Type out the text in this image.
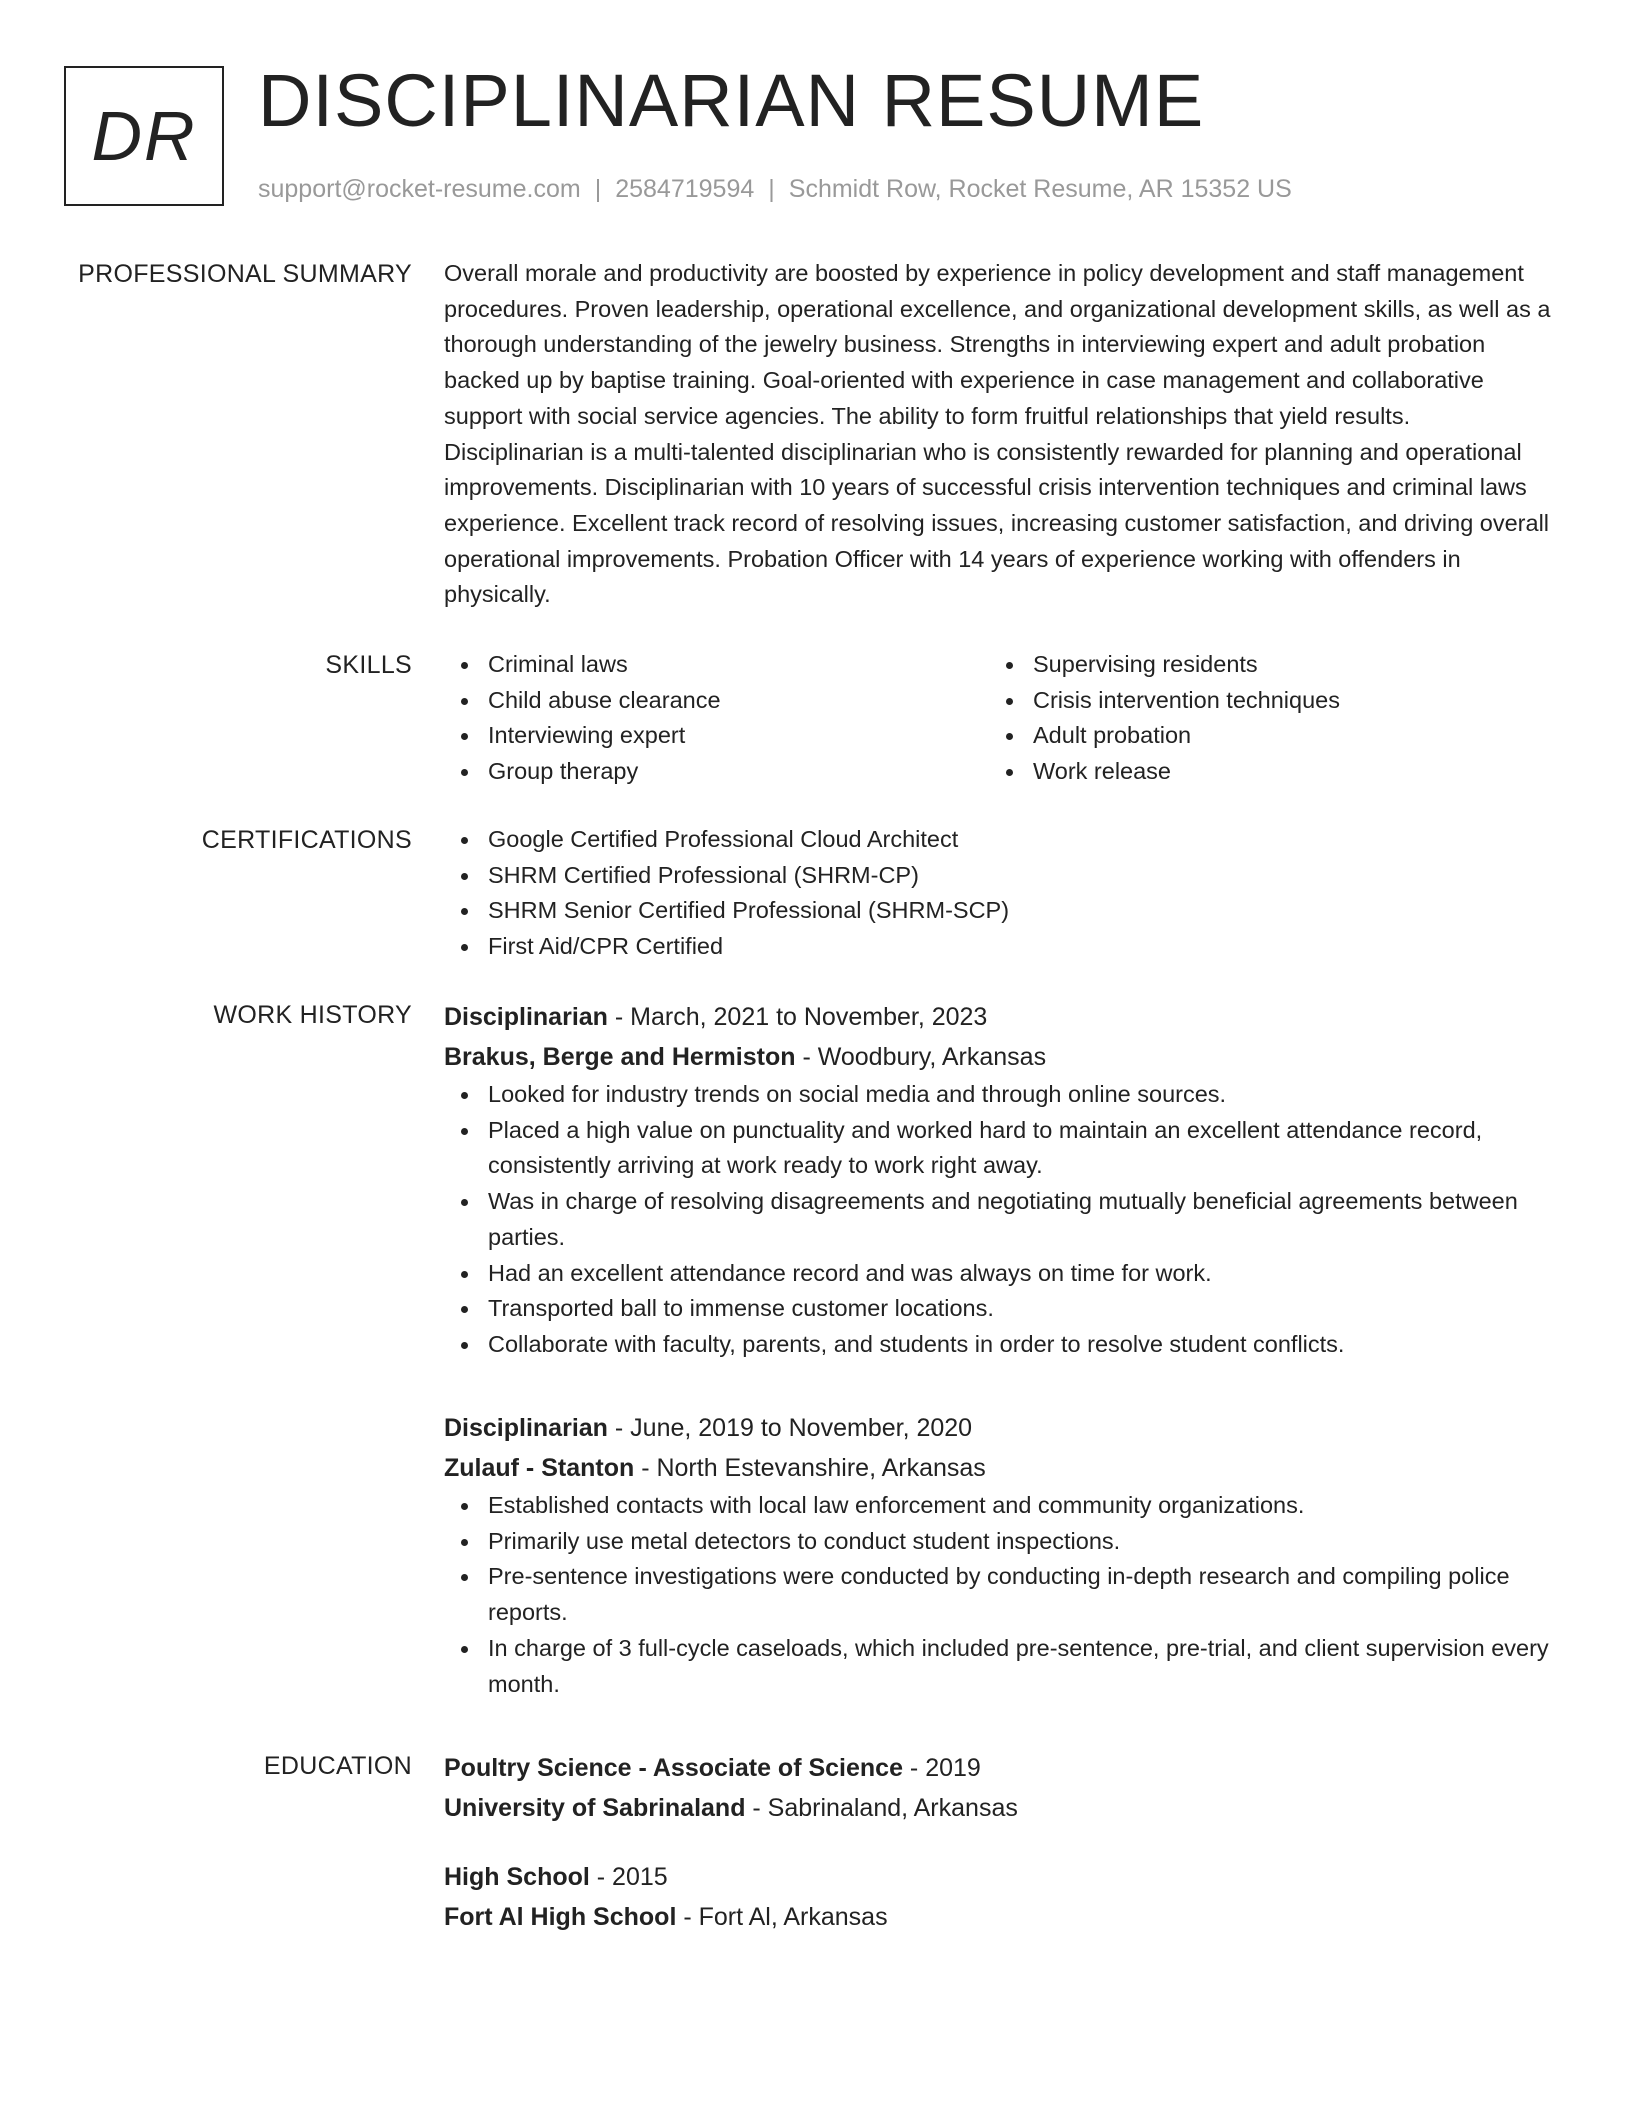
DR DISCIPLINARIAN RESUME
support@rocket-resume.com | 2584719594 | Schmidt Row, Rocket Resume, AR 15352 US
PROFESSIONAL SUMMARY Overall morale and productivity are boosted by experience in policy development and staff management procedures. Proven leadership, operational excellence, and organizational development skills, as well as a thorough understanding of the jewelry business. Strengths in interviewing expert and adult probation backed up by baptise training. Goal-oriented with experience in case management and collaborative support with social service agencies. The ability to form fruitful relationships that yield results. Disciplinarian is a multi-talented disciplinarian who is consistently rewarded for planning and operational improvements. Disciplinarian with 10 years of successful crisis intervention techniques and criminal laws experience. Excellent track record of resolving issues, increasing customer satisfaction, and driving overall operational improvements. Probation Officer with 14 years of experience working with offenders in physically.

SKILLS	Criminal laws
Child abuse clearance
Interviewing expert
Group therapy
Supervising residents
Crisis intervention techniques
Adult probation
Work release
CERTIFICATIONS	Google Certified Professional Cloud Architect
SHRM Certified Professional (SHRM-CP)
SHRM Senior Certified Professional (SHRM-SCP)
First Aid/CPR Certified
WORK HISTORY Disciplinarian - March, 2021 to November, 2023
Brakus, Berge and Hermiston - Woodbury, Arkansas
Looked for industry trends on social media and through online sources.
Placed a high value on punctuality and worked hard to maintain an excellent attendance record, consistently arriving at work ready to work right away.
Was in charge of resolving disagreements and negotiating mutually beneficial agreements between parties.
Had an excellent attendance record and was always on time for work.
Transported ball to immense customer locations.
Collaborate with faculty, parents, and students in order to resolve student conflicts.
Disciplinarian - June, 2019 to November, 2020
Zulauf - Stanton - North Estevanshire, Arkansas
Established contacts with local law enforcement and community organizations.
Primarily use metal detectors to conduct student inspections.
Pre-sentence investigations were conducted by conducting in-depth research and compiling police reports.
In charge of 3 full-cycle caseloads, which included pre-sentence, pre-trial, and client supervision every month.
EDUCATION Poultry Science - Associate of Science - 2019
University of Sabrinaland - Sabrinaland, Arkansas
High School - 2015
Fort Al High School - Fort Al, Arkansas
